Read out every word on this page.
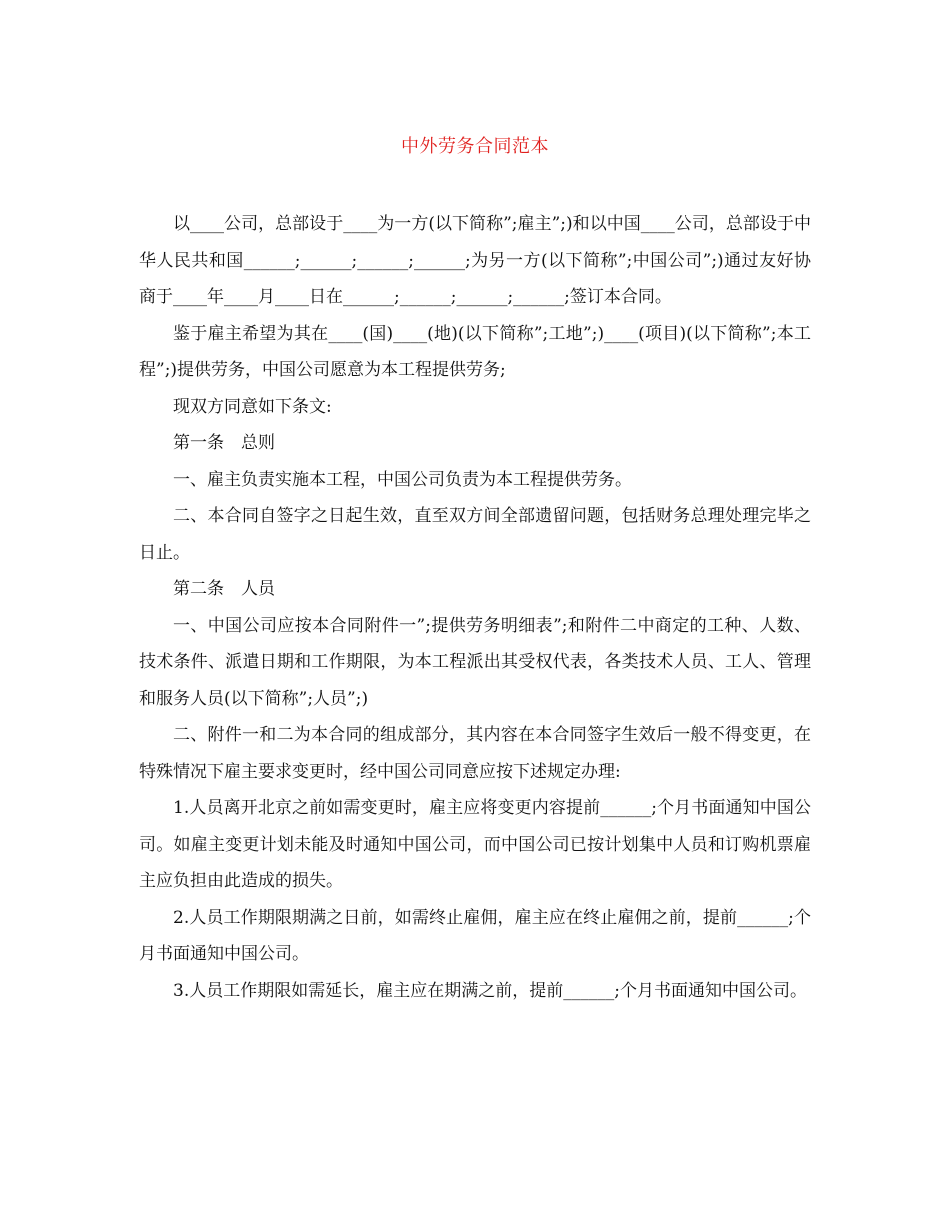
中外劳务合同范本

以____公司，总部设于____为一方(以下简称”;雇主”;)和以中国____公司，总部设于中华人民共和国______;______;______;______;为另一方(以下简称”;中国公司”;)通过友好协商于____年____月____日在______;______;______;______;签订本合同。

鉴于雇主希望为其在____(国)____(地)(以下简称”;工地”;)____(项目)(以下简称”;本工程”;)提供劳务，中国公司愿意为本工程提供劳务;

现双方同意如下条文:

第一条　总则

一、雇主负责实施本工程，中国公司负责为本工程提供劳务。

二、本合同自签字之日起生效，直至双方间全部遗留问题，包括财务总理处理完毕之日止。

第二条　人员

一、中国公司应按本合同附件一”;提供劳务明细表”;和附件二中商定的工种、人数、技术条件、派遣日期和工作期限，为本工程派出其受权代表，各类技术人员、工人、管理和服务人员(以下简称”;人员”;)

二、附件一和二为本合同的组成部分，其内容在本合同签字生效后一般不得变更，在特殊情况下雇主要求变更时，经中国公司同意应按下述规定办理:

1.人员离开北京之前如需变更时，雇主应将变更内容提前______;个月书面通知中国公司。如雇主变更计划未能及时通知中国公司，而中国公司已按计划集中人员和订购机票雇主应负担由此造成的损失。

2.人员工作期限期满之日前，如需终止雇佣，雇主应在终止雇佣之前，提前______;个月书面通知中国公司。

3.人员工作期限如需延长，雇主应在期满之前，提前______;个月书面通知中国公司。
